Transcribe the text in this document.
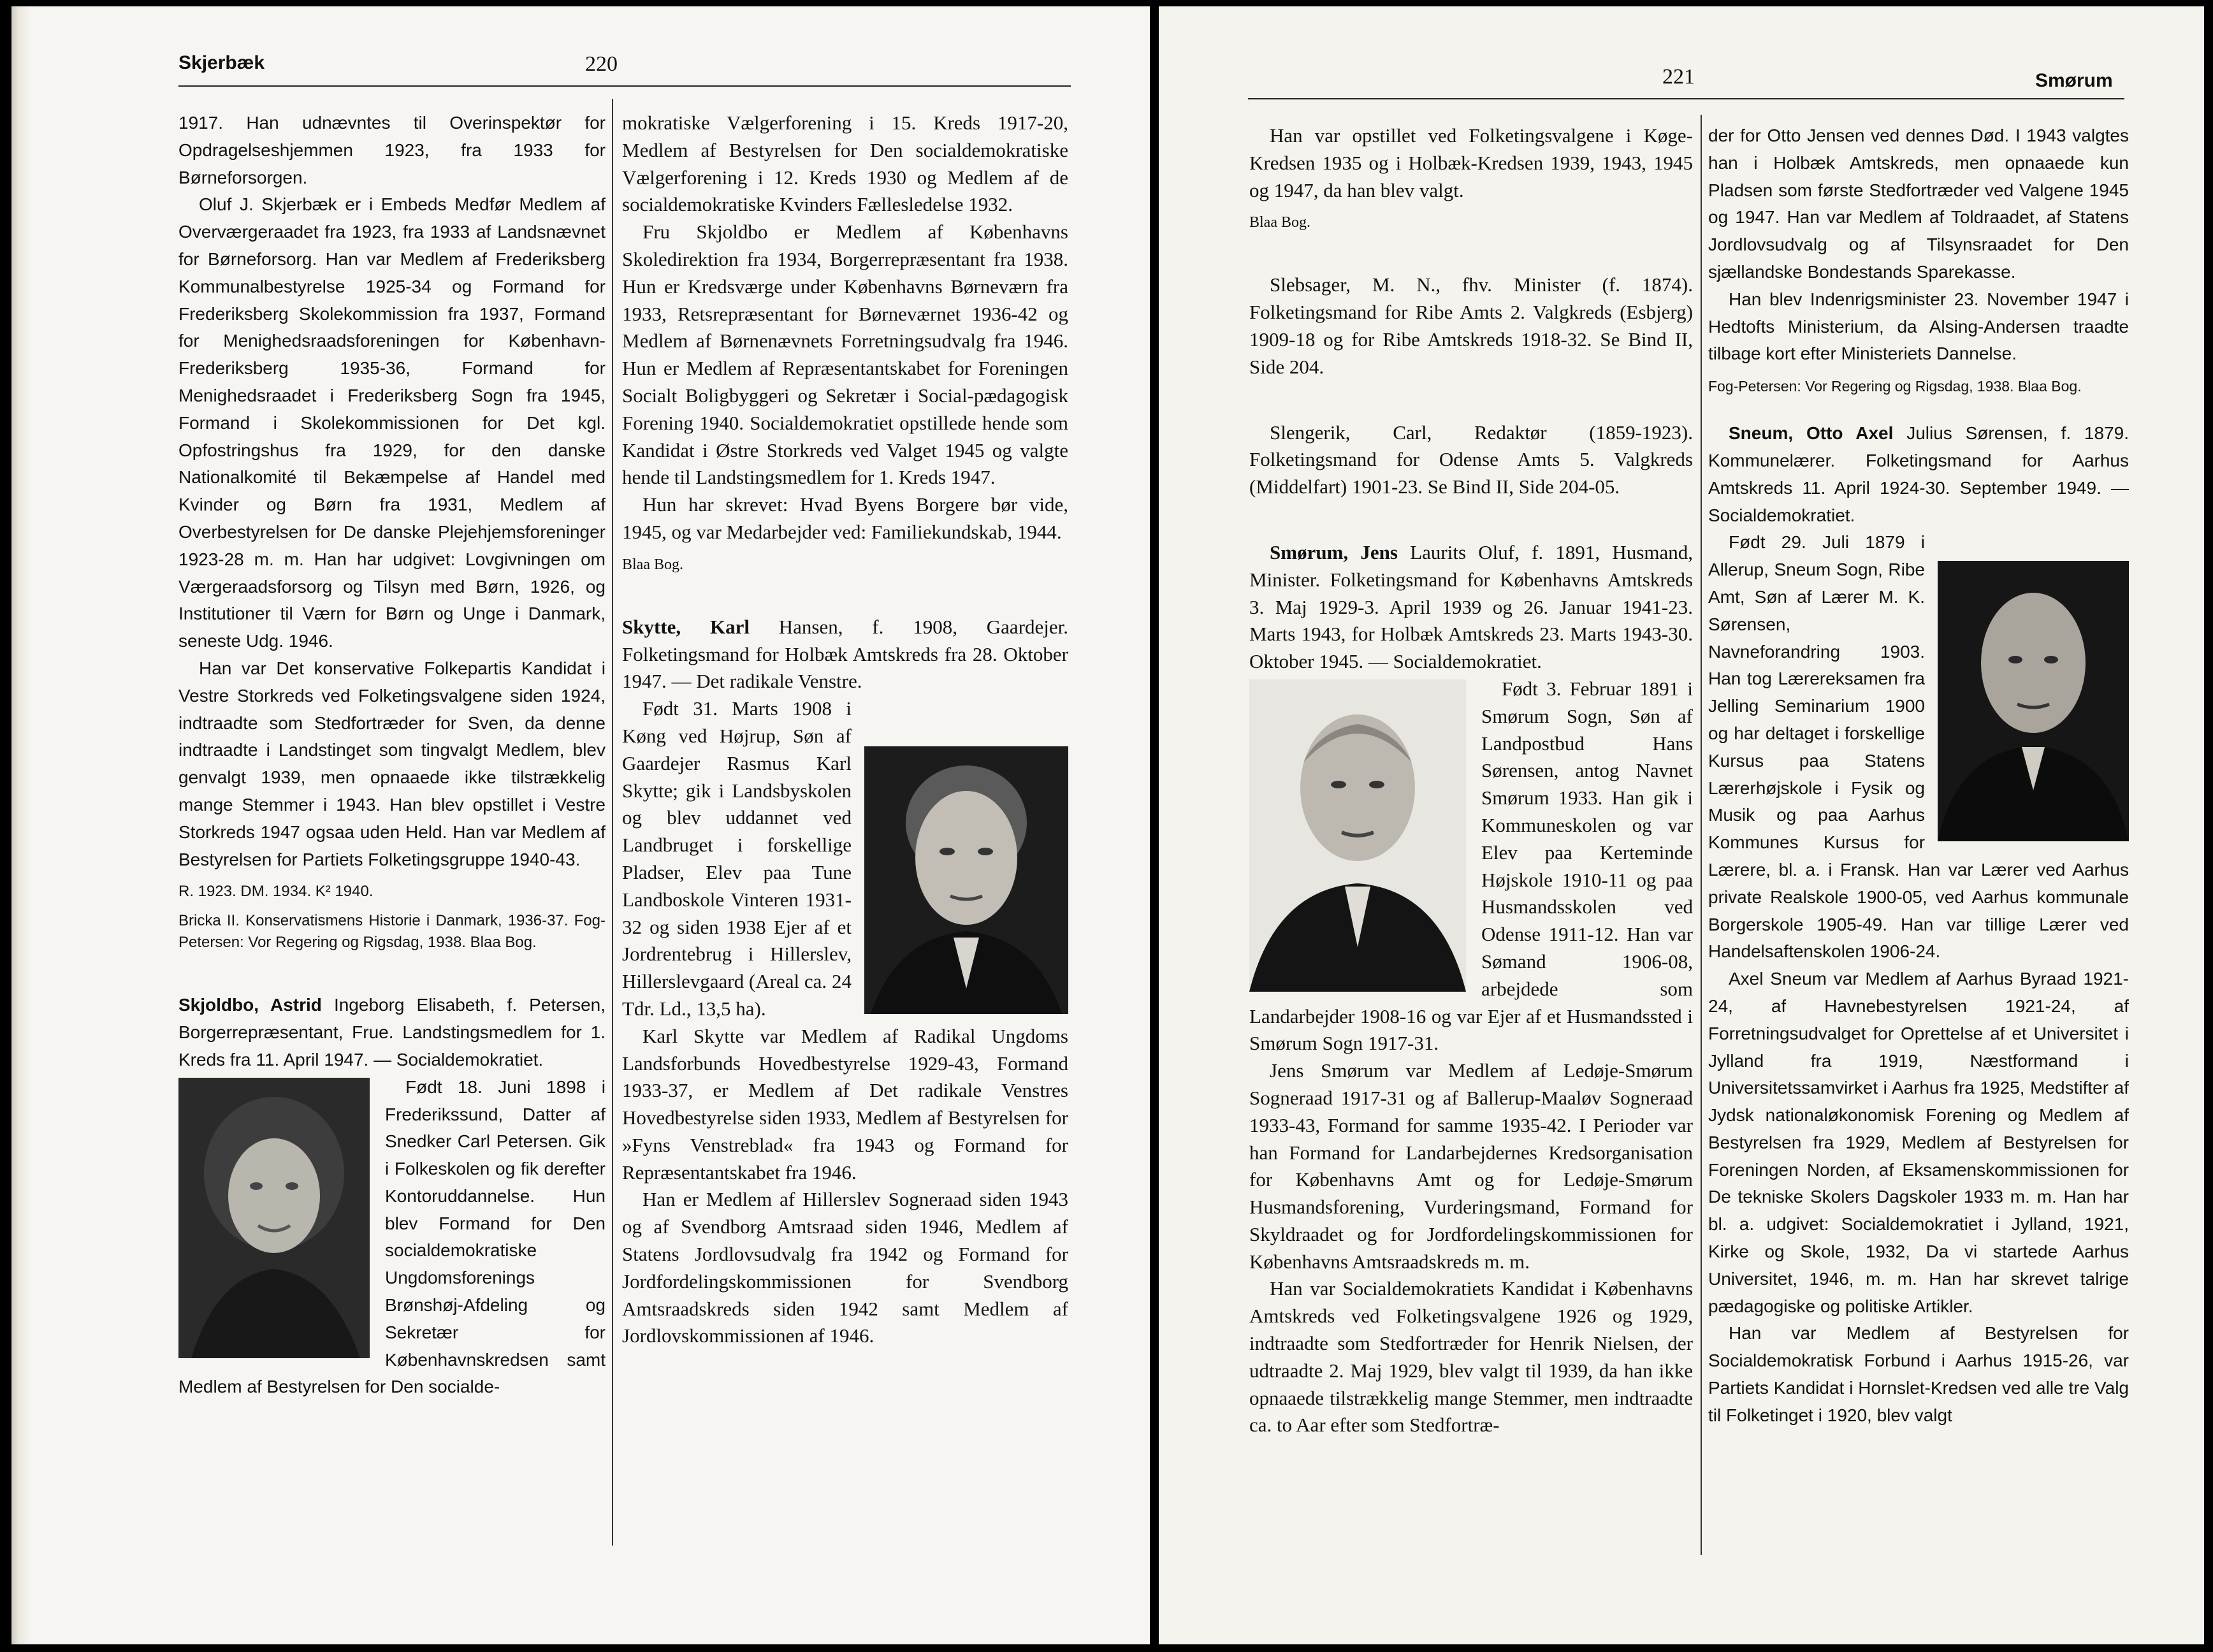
Skjerbæk	220

1917. Han udnævntes til Overinspektør for Opdragelseshjemmen 1923, fra 1933 for Børneforsorgen.

Oluf J. Skjerbæk er i Embeds Medfør Medlem af Overværgeraadet fra 1923, fra 1933 af Landsnævnet for Børneforsorg. Han var Medlem af Frederiksberg Kommunalbestyrelse 1925-34 og Formand for Frederiksberg Skolekommission fra 1937, Formand for Menighedsraadsforeningen for København-Frederiksberg 1935-36, Formand for Menighedsraadet i Frederiksberg Sogn fra 1945, Formand i Skolekommissionen for Det kgl. Opfostringshus fra 1929, for den danske Nationalkomité til Bekæmpelse af Handel med Kvinder og Børn fra 1931, Medlem af Overbestyrelsen for De danske Plejehjemsforeninger 1923-28 m. m. Han har udgivet: Lovgivningen om Værgeraadsforsorg og Tilsyn med Børn, 1926, og Institutioner til Værn for Børn og Unge i Danmark, seneste Udg. 1946.

Han var Det konservative Folkepartis Kandidat i Vestre Storkreds ved Folketingsvalgene siden 1924, indtraadte som Stedfortræder for Sven, da denne indtraadte i Landstinget som tingvalgt Medlem, blev genvalgt 1939, men opnaaede ikke tilstrækkelig mange Stemmer i 1943. Han blev opstillet i Vestre Storkreds 1947 ogsaa uden Held. Han var Medlem af Bestyrelsen for Partiets Folketingsgruppe 1940-43.

R. 1923. DM. 1934. K² 1940.

Bricka II. Konservatismens Historie i Danmark, 1936-37. Fog-Petersen: Vor Regering og Rigsdag, 1938. Blaa Bog.

Skjoldbo, Astrid Ingeborg Elisabeth, f. Petersen, Borgerrepræsentant, Frue. Landstingsmedlem for 1. Kreds fra 11. April 1947. — Socialdemokratiet.

Født 18. Juni 1898
i Frederikssund, Datter af Snedker Carl Petersen. Gik i Folkeskolen og fik derefter Kontoruddannelse. Hun blev Formand for Den socialdemokratiske Ungdomsforenings Brønshøj-Afdeling og Sekretær for Københavnskredsen samt Medlem af Bestyrelsen for Den socialde-

mokratiske Vælgerforening i 15. Kreds 1917-20, Medlem af Bestyrelsen for Den socialdemokratiske Vælgerforening i 12. Kreds 1930 og Medlem af de socialdemokratiske Kvinders Fællesledelse 1932.

Fru Skjoldbo er Medlem af Københavns Skoledirektion fra 1934, Borgerrepræsentant fra 1938. Hun er Kredsværge under Københavns Børneværn fra 1933, Retsrepræsentant for Børneværnet 1936-42 og Medlem af Børnenævnets Forretningsudvalg fra 1946. Hun er Medlem af Repræsentantskabet for Foreningen Socialt Boligbyggeri og Sekretær i Social-pædagogisk Forening 1940. Socialdemokratiet opstillede hende som Kandidat i Østre Storkreds ved Valget 1945 og valgte hende til Landstingsmedlem for 1. Kreds 1947.

Hun har skrevet: Hvad Byens Borgere bør vide, 1945, og var Medarbejder ved: Familiekundskab, 1944.

Blaa Bog.

Skytte, Karl Hansen, f. 1908, Gaardejer. Folketingsmand for Holbæk Amtskreds fra 28. Oktober 1947. — Det radikale Venstre.

Født 31. Marts 1908 i Køng ved Højrup, Søn af Gaardejer Rasmus Karl Skytte; gik i Landsbyskolen og blev uddannet ved Landbruget i forskellige Pladser, Elev paa Tune Landboskole Vinteren 1931-32 og siden 1938 Ejer af et Jordrentebrug i Hillerslev, Hillerslevgaard (Areal ca. 24 Tdr. Ld., 13,5 ha).

Karl Skytte var Medlem af Radikal Ungdoms Landsforbunds Hovedbestyrelse 1929-43, Formand 1933-37, er Medlem af Det radikale Venstres Hovedbestyrelse siden 1933, Medlem af Bestyrelsen for »Fyns Venstreblad« fra 1943 og Formand for Repræsentantskabet fra 1946.

Han er Medlem af Hillerslev Sogneraad siden 1943 og af Svendborg Amtsraad siden 1946, Medlem af Statens Jordlovsudvalg fra 1942 og Formand for Jordfordelingskommissionen for Svendborg Amtsraadskreds siden 1942 samt Medlem af Jordlovskommissionen af 1946.

221	Smørum

Han var opstillet ved Folketingsvalgene i Køge-Kredsen 1935 og i Holbæk-Kredsen 1939, 1943, 1945 og 1947, da han blev valgt.

Blaa Bog.

Slebsager, M. N., fhv. Minister (f. 1874). Folketingsmand for Ribe Amts 2. Valgkreds (Esbjerg) 1909-18 og for Ribe Amtskreds 1918-32. Se Bind II, Side 204.

Slengerik, Carl, Redaktør (1859-1923). Folketingsmand for Odense Amts 5. Valgkreds (Middelfart) 1901-23. Se Bind II, Side 204-05.

Smørum, Jens Laurits Oluf, f. 1891, Husmand, Minister. Folketingsmand for Københavns Amtskreds 3. Maj 1929-3. April 1939 og 26. Januar 1941-23. Marts 1943, for Holbæk Amtskreds 23. Marts 1943-30. Oktober 1945. — Socialdemokratiet.

Født 3. Februar 1891 i Smørum Sogn, Søn af Landpostbud Hans Sørensen, antog Navnet Smørum 1933. Han gik i Kommuneskolen og var Elev paa Kerteminde Højskole 1910-11 og paa Husmandsskolen ved Odense 1911-12. Han var Sømand 1906-08, arbejdede som Landarbejder 1908-16 og var Ejer af et Husmandssted i Smørum Sogn 1917-31.

Jens Smørum var Medlem af Ledøje-Smørum Sogneraad 1917-31 og af Ballerup-Maaløv Sogneraad 1933-43, Formand for samme 1935-42. I Perioder var han Formand for Landarbejdernes Kredsorganisation for Københavns Amt og for Ledøje-Smørum Husmandsforening, Vurderingsmand, Formand for Skyldraadet og for Jordfordelingskommissionen for Københavns Amtsraadskreds m. m.

Han var Socialdemokratiets Kandidat i Københavns Amtskreds ved Folketingsvalgene 1926 og 1929, indtraadte som Stedfortræder for Henrik Nielsen, der udtraadte 2. Maj 1929, blev valgt til 1939, da han ikke opnaaede tilstrækkelig mange Stemmer, men indtraadte ca. to Aar efter som Stedfortræ-

der for Otto Jensen ved dennes Død. I 1943 valgtes han i Holbæk Amtskreds, men opnaaede kun Pladsen som første Stedfortræder ved Valgene 1945 og 1947. Han var Medlem af Toldraadet, af Statens Jordlovsudvalg og af Tilsynsraadet for Den sjællandske Bondestands Sparekasse.

Han blev Indenrigsminister 23. November 1947 i Hedtofts Ministerium, da Alsing-Andersen traadte tilbage kort efter Ministeriets Dannelse.

Fog-Petersen: Vor Regering og Rigsdag, 1938. Blaa Bog.

Sneum, Otto Axel Julius Sørensen, f. 1879. Kommunelærer. Folketingsmand for Aarhus Amtskreds 11. April 1924-30. September 1949. — Socialdemokratiet.

Født 29. Juli 1879 i Allerup, Sneum Sogn, Ribe Amt, Søn af Lærer M. K. Sørensen, Navneforandring 1903. Han tog Lærereksamen fra Jelling Seminarium 1900 og har deltaget i forskellige Kursus paa Statens Lærerhøjskole i Fysik og Musik og paa Aarhus Kommunes Kursus for Lærere, bl. a. i Fransk. Han var Lærer ved Aarhus private Realskole 1900-05, ved Aarhus kommunale Borgerskole 1905-49. Han var tillige Lærer ved Handelsaftenskolen 1906-24.

Axel Sneum var Medlem af Aarhus Byraad 1921-24, af Havnebestyrelsen 1921-24, af Forretningsudvalget for Oprettelse af et Universitet i Jylland fra 1919, Næstformand i Universitetssamvirket i Aarhus fra 1925, Medstifter af Jydsk nationaløkonomisk Forening og Medlem af Bestyrelsen fra 1929, Medlem af Bestyrelsen for Foreningen Norden, af Eksamenskommissionen for De tekniske Skolers Dagskoler 1933 m. m. Han har bl. a. udgivet: Socialdemokratiet i Jylland, 1921, Kirke og Skole, 1932, Da vi startede Aarhus Universitet, 1946, m. m. Han har skrevet talrige pædagogiske og politiske Artikler.

Han var Medlem af Bestyrelsen for Socialdemokratisk Forbund i Aarhus 1915-26, var Partiets Kandidat i Hornslet-Kredsen ved alle tre Valg til Folketinget i 1920, blev valgt
